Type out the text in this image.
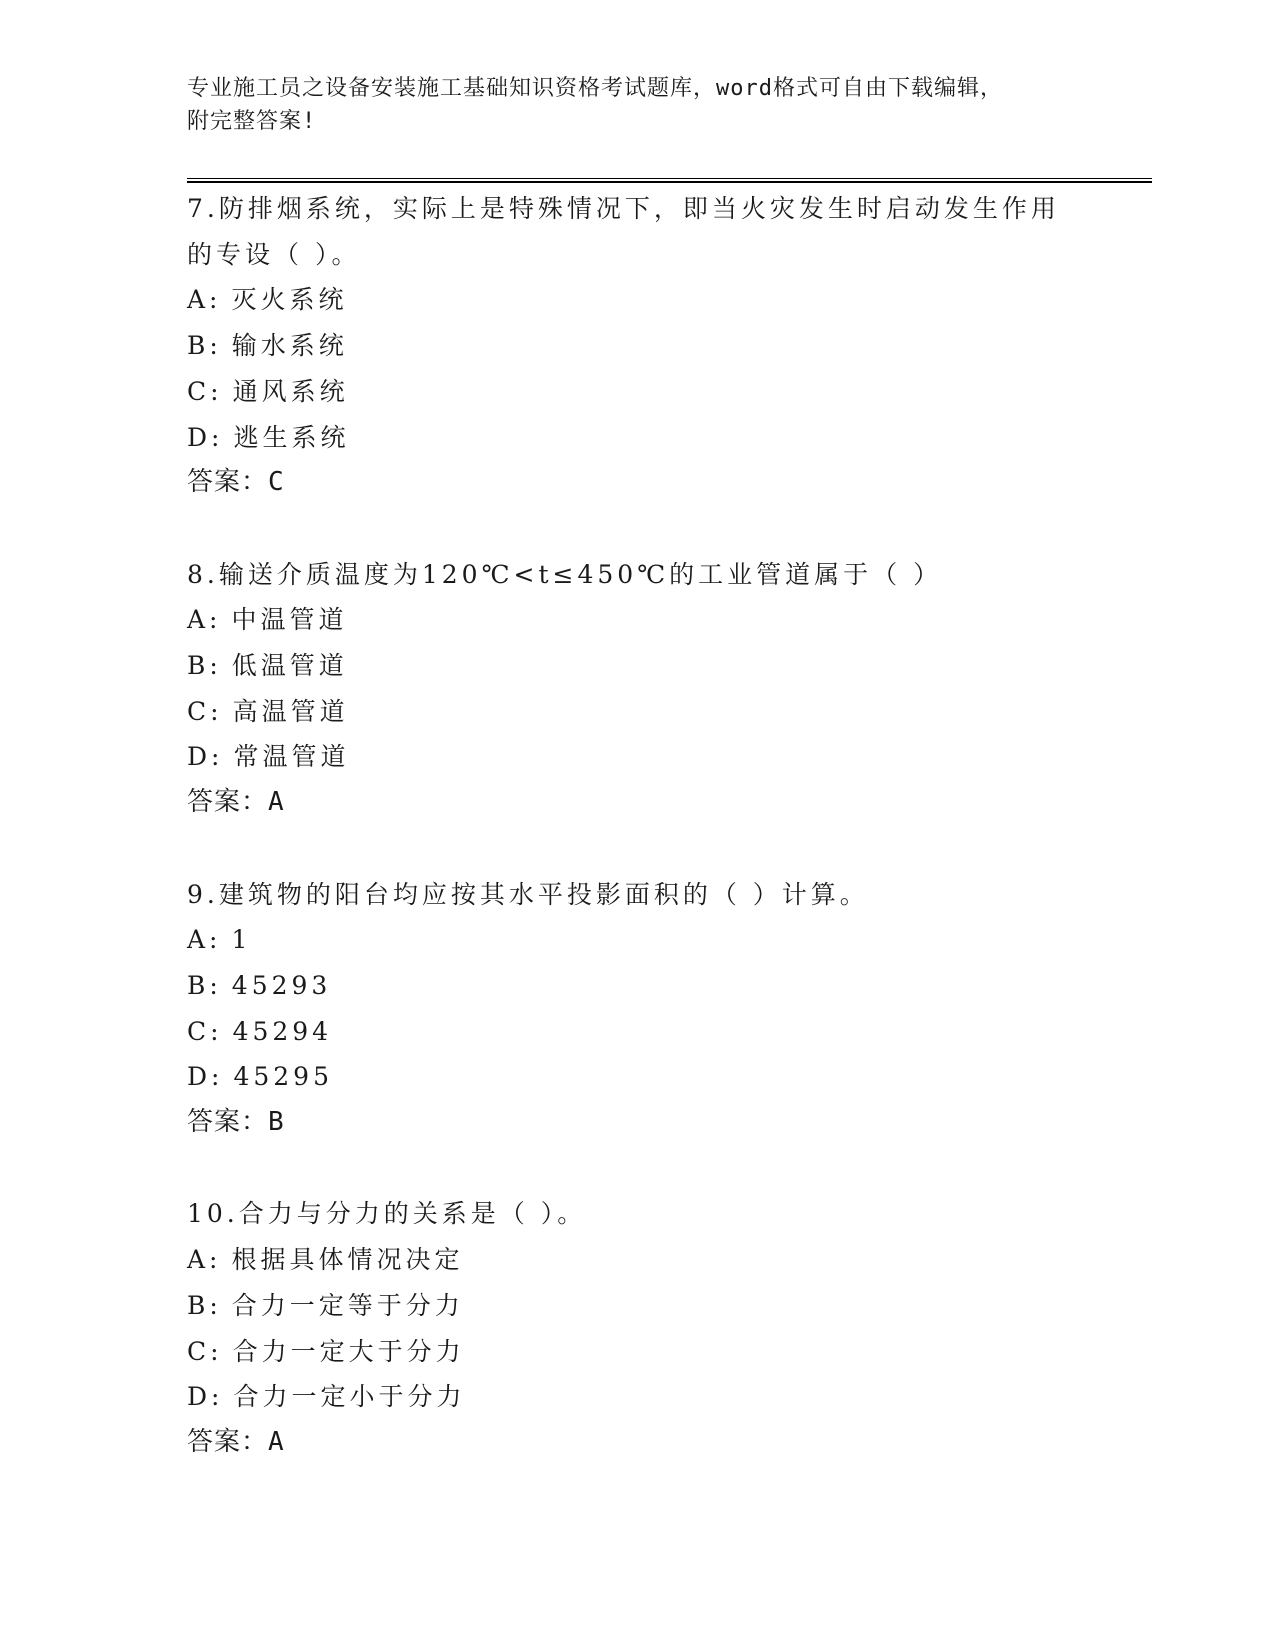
专业施工员之设备安装施工基础知识资格考试题库，word格式可自由下载编辑，
附完整答案!

7.防排烟系统，实际上是特殊情况下，即当火灾发生时启动发生作用
的专设（ ）。

A: 灭火系统

B: 输水系统

C: 通风系统

D: 逃生系统

答案：C

8.输送介质温度为120℃<t≤450℃的工业管道属于（ ）

A: 中温管道

B: 低温管道

C: 高温管道

D: 常温管道

答案：A

9.建筑物的阳台均应按其水平投影面积的（ ）计算。

A: 1

B: 45293

C: 45294

D: 45295

答案：B

10.合力与分力的关系是（ ）。

A: 根据具体情况决定

B: 合力一定等于分力

C: 合力一定大于分力

D: 合力一定小于分力

答案：A
